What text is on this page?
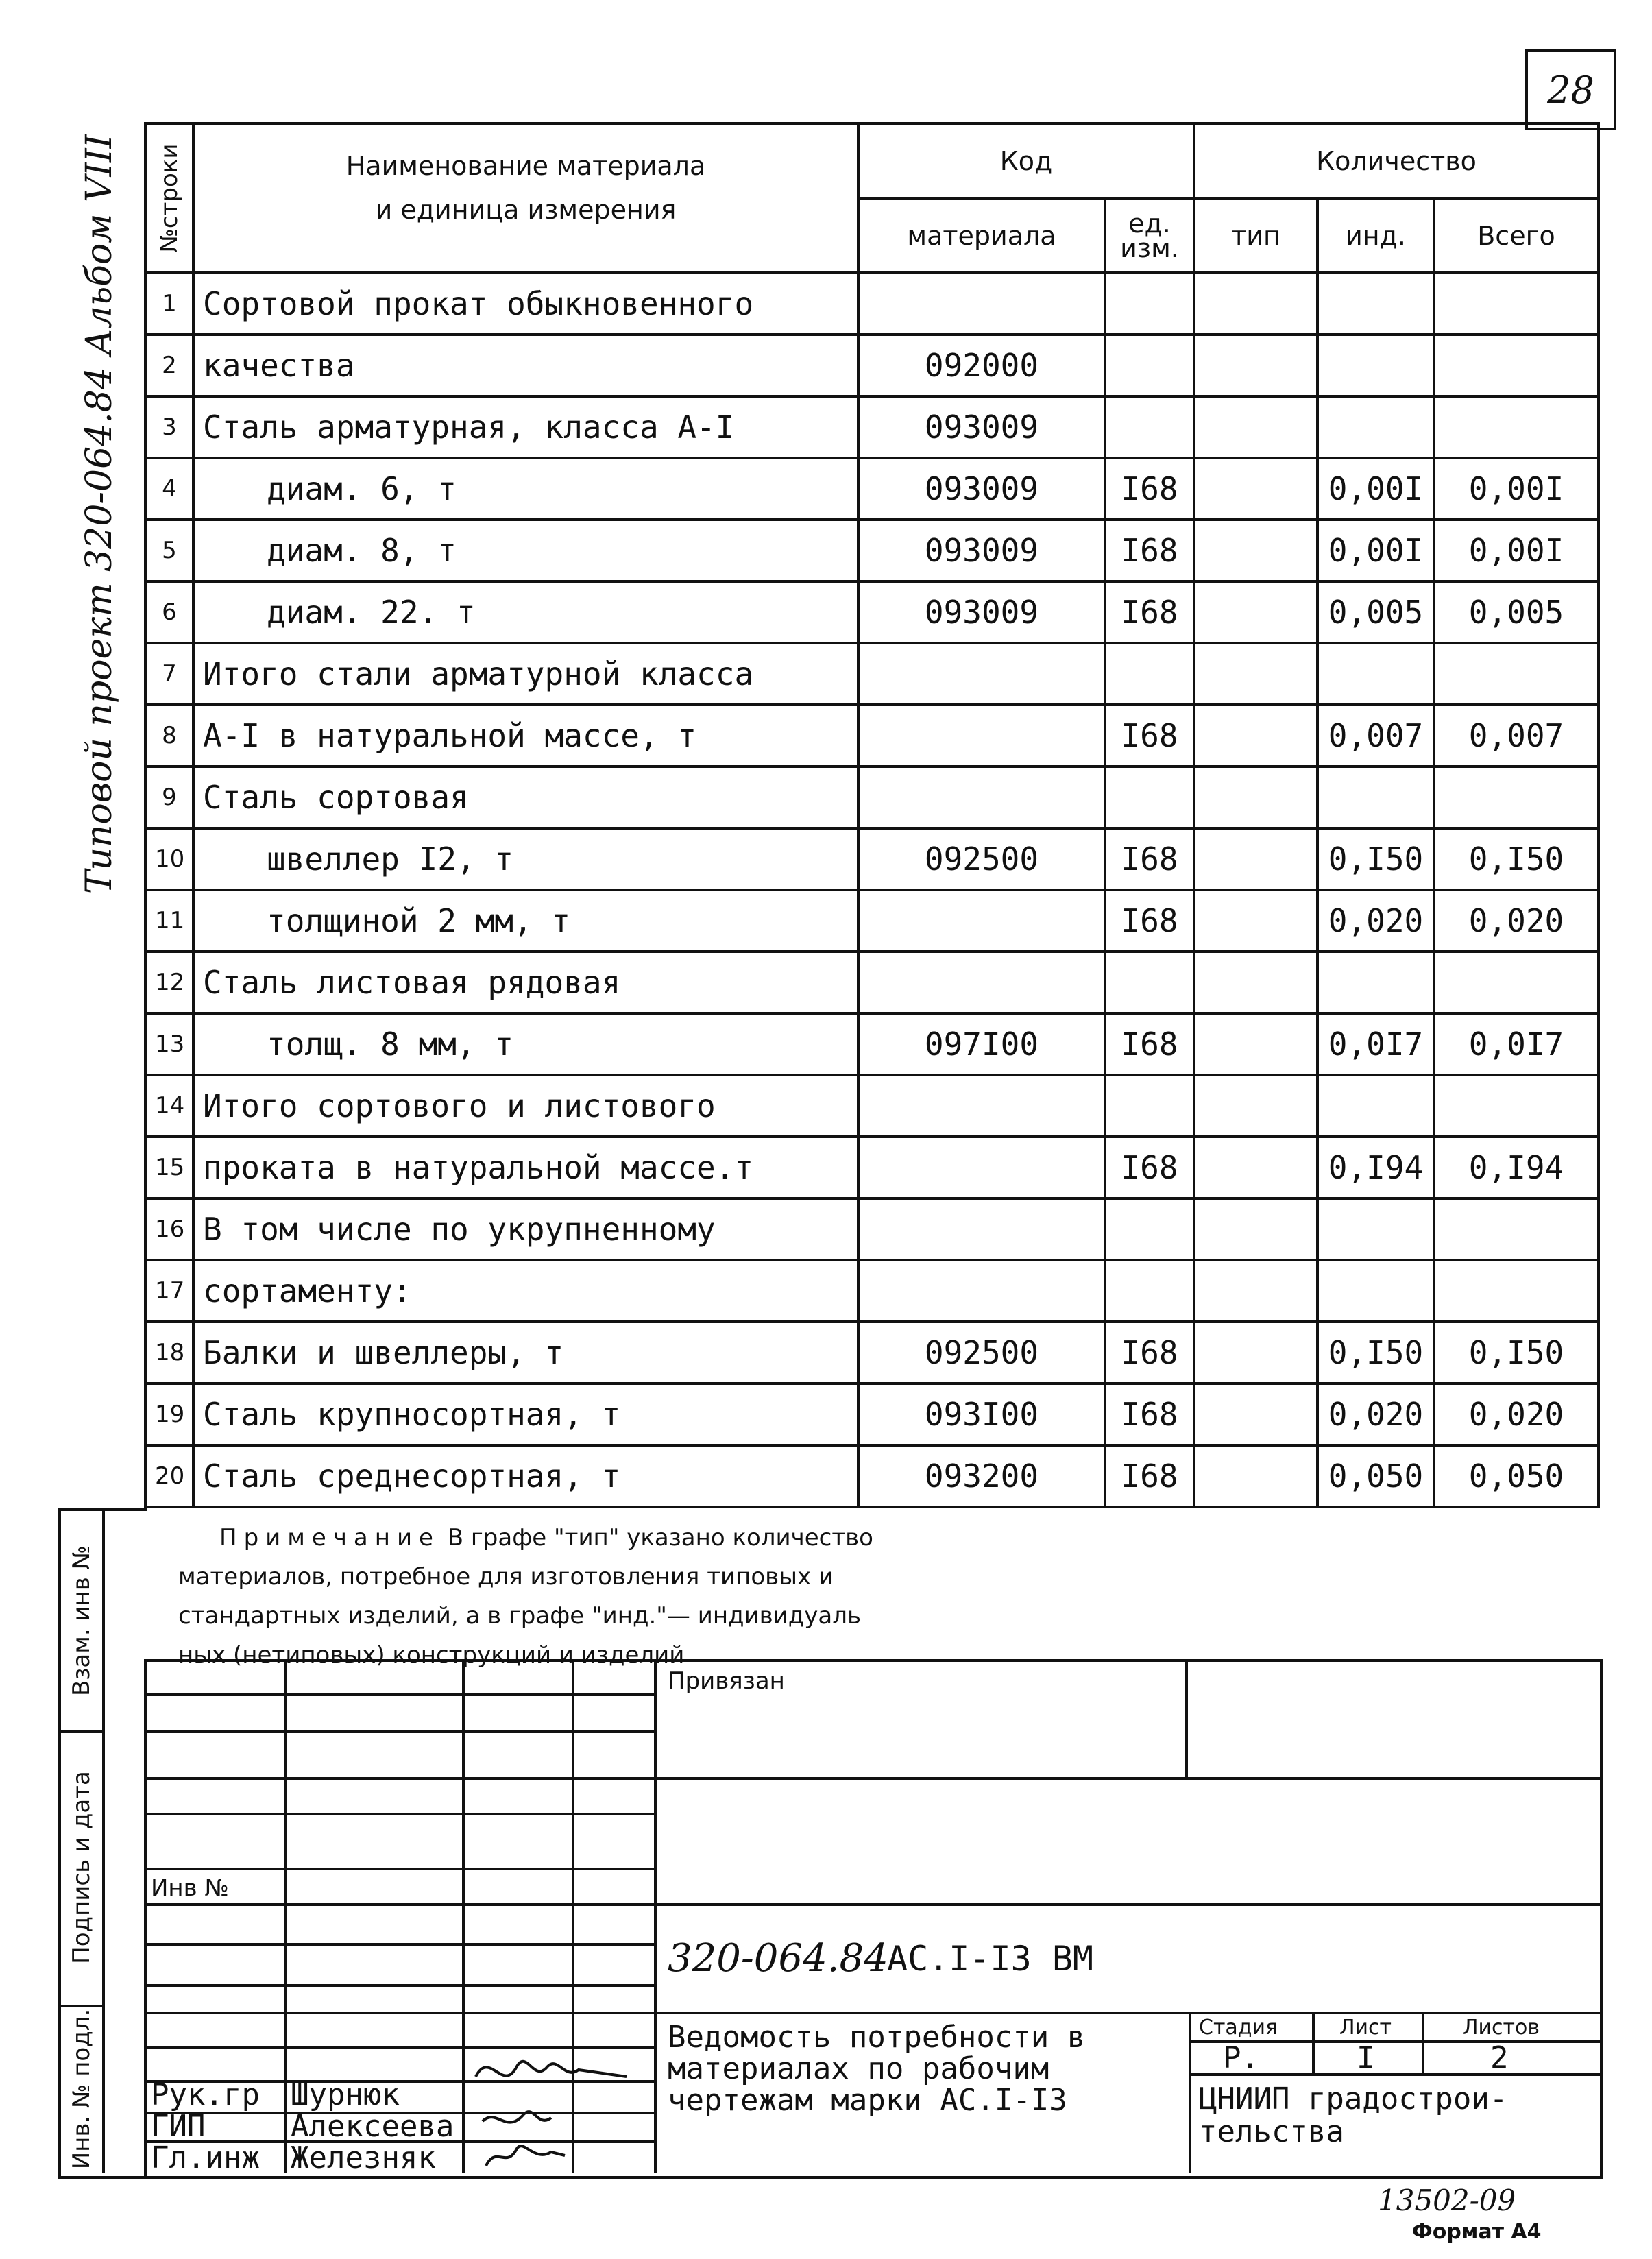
28
Типовой проект 320-064.84 Альбом VIII №строки	Наименование материала
и единица измерения	Код		Количество		
		материала	ед. изм.	тип	инд.	Всего
1	Сортовой прокат обыкновенного					
2	качества	092000				
3	Сталь арматурная, класса А-I	093009				
4	диам. 6, т	093009	I68		0,00I	0,00I
5	диам. 8, т	093009	I68		0,00I	0,00I
6	диам. 22. т	093009	I68		0,005	0,005
7	Итого стали арматурной класса					
8	А-I в натуральной массе, т		I68		0,007	0,007
9	Сталь сортовая					
10	швеллер I2, т	092500	I68		0,I50	0,I50
11	толщиной 2 мм, т		I68		0,020	0,020
12	Сталь листовая рядовая					
13	толщ. 8 мм, т	097I00	I68		0,0I7	0,0I7
14	Итого сортового и листового					
15	проката в натуральной массе.т		I68		0,I94	0,I94
16	В том числе по укрупненному					
17	сортаменту:					
18	Балки и швеллеры, т	092500	I68		0,I50	0,I50
19	Сталь крупносортная, т	093I00	I68		0,020	0,020
20	Сталь среднесортная, т	093200	I68		0,050	0,050
Примечание В графе "тип" указано количество
материалов, потребное для изготовления типовых и
стандартных изделий, а в графе "инд."— индивидуаль
ных (нетиповых) конструкций и изделий
Взам. инв №
Подпись и дата
Инв. № подл.
Привязан
Инв №
320-064.84
АС.I-I3 ВМ
Ведомость потребности в
материалах по рабочим
чертежам марки АС.I-I3
Стадия	Лист	Листов
Р.	I	2
ЦНИИП градострои-
тельства
Рук.гр Шурнюк
ГИП	Алексеева
Гл.инж Железняк
13502-09
Формат А4
